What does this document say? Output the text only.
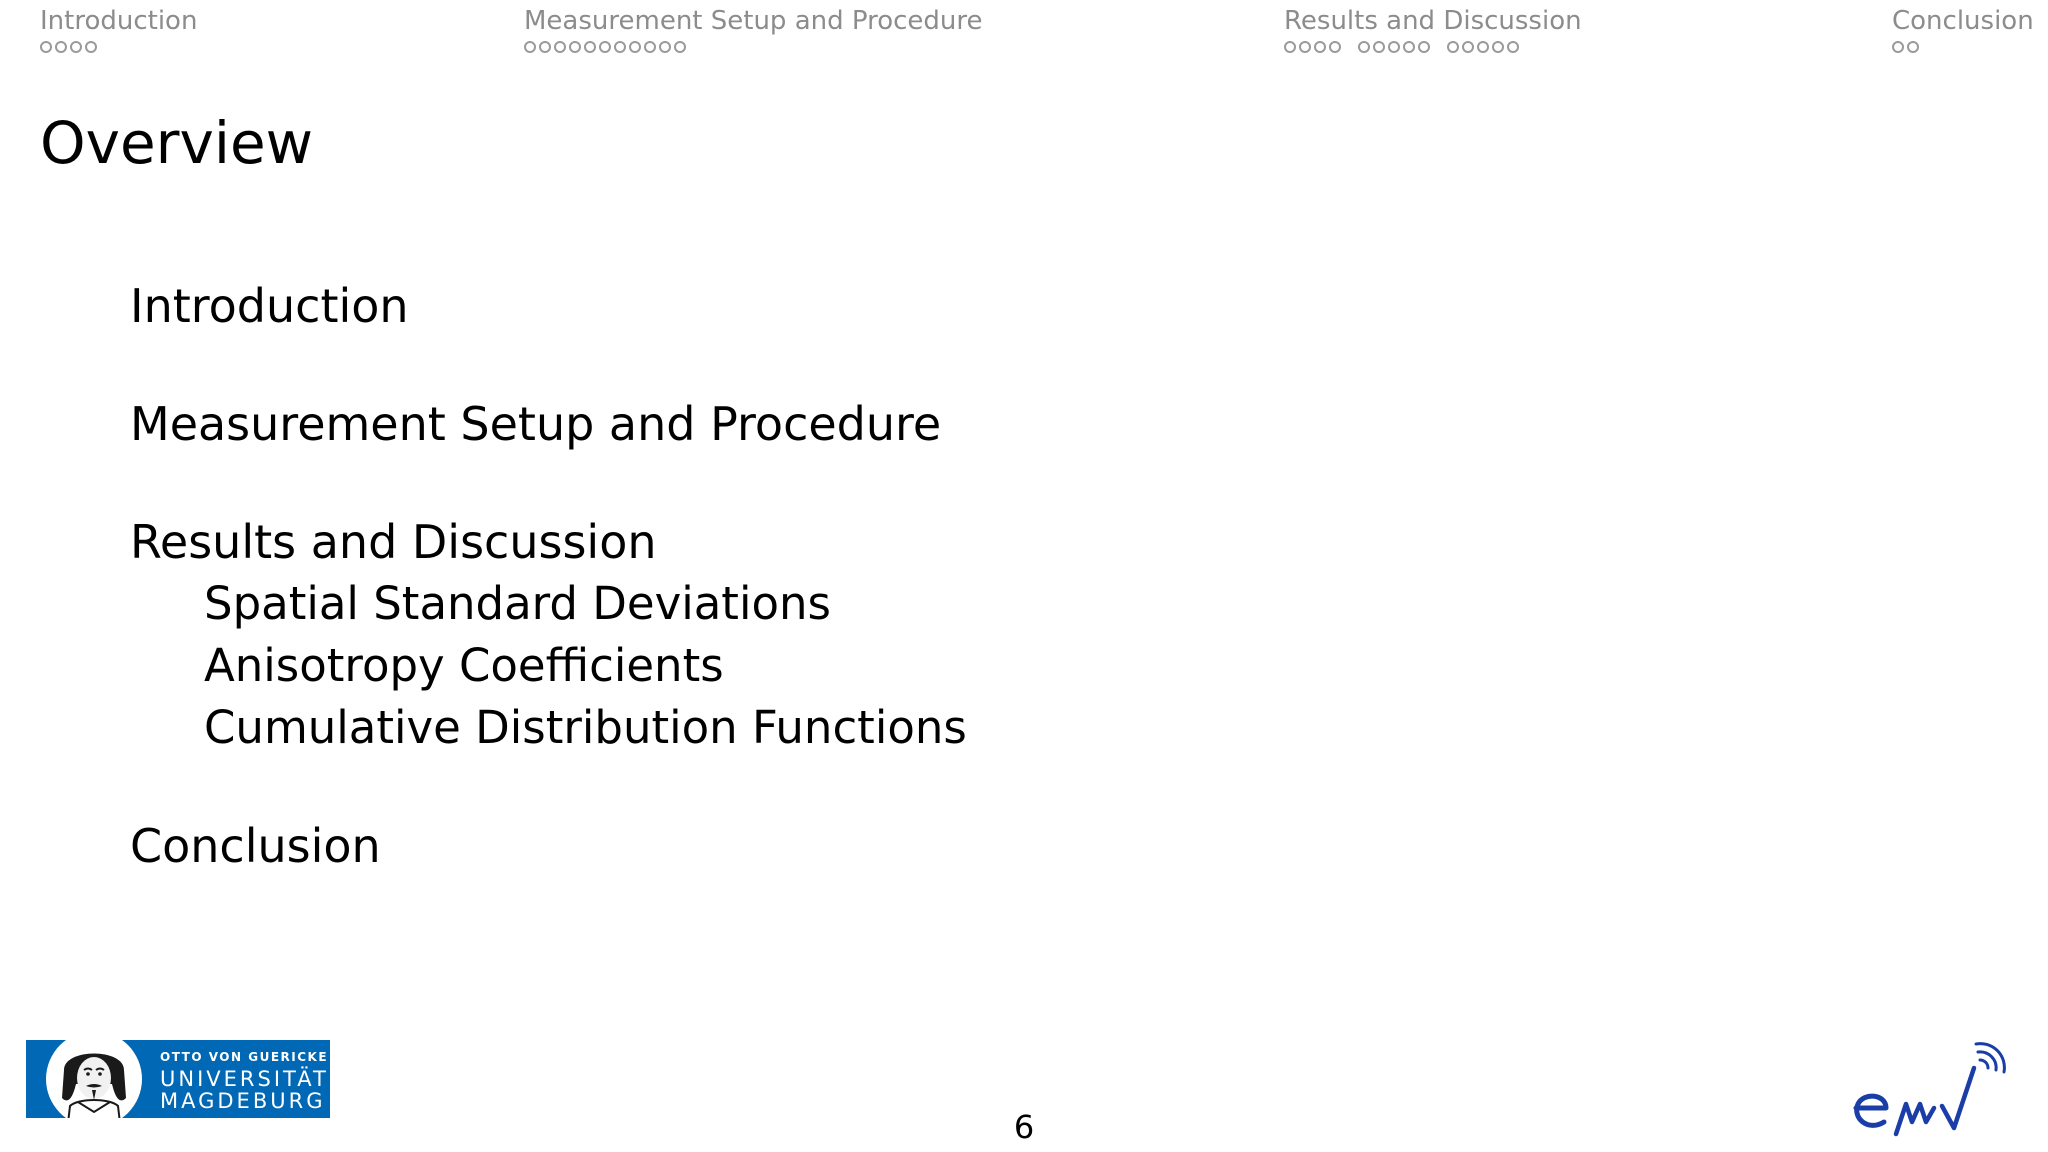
Introduction	Measurement Setup and Procedure	Results and Discussion	Conclusion
Overview
Introduction
Measurement Setup and Procedure
Results and Discussion
Spatial Standard Deviations
Anisotropy Coefficients
Cumulative Distribution Functions
Conclusion
OTTO VON GUERICKE
UNIVERSITÄT
MAGDEBURG
6
